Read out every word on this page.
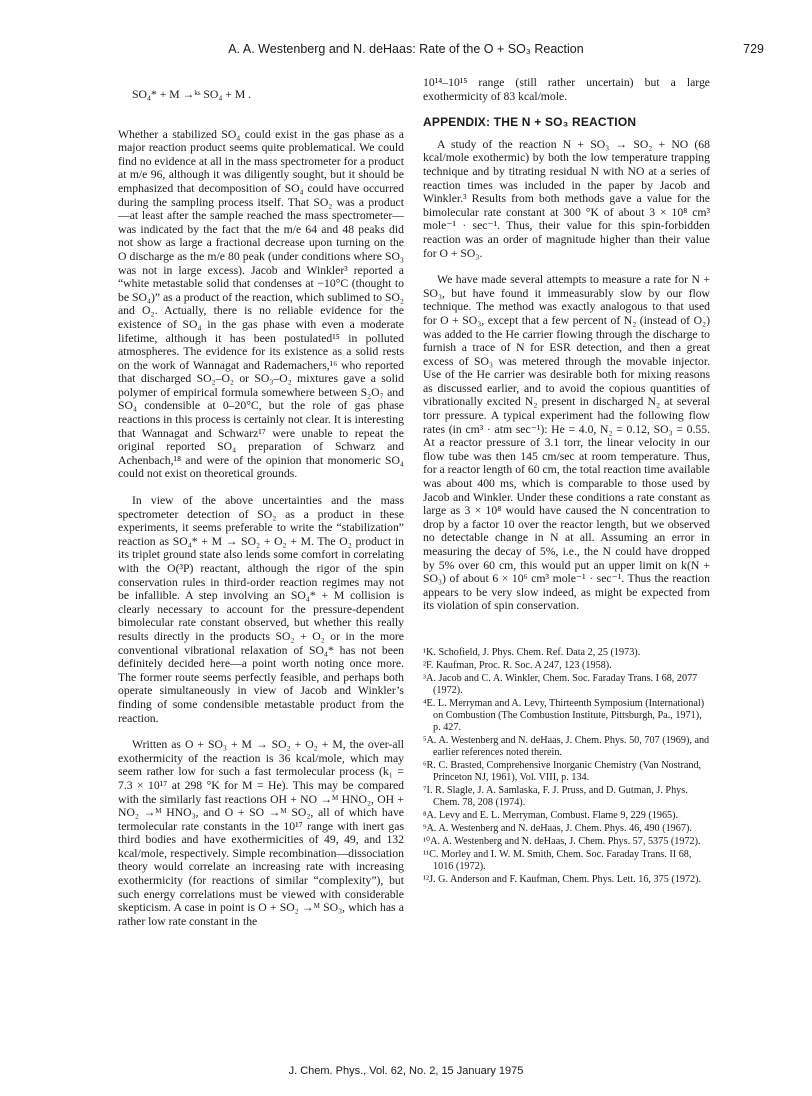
A. A. Westenberg and N. deHaas: Rate of the O + SO₃ Reaction	729
SO₄* + M →ᵏˢ SO₄ + M .

Whether a stabilized SO₄ could exist in the gas phase as a major reaction product seems quite problematical. We could find no evidence at all in the mass spectrometer for a product at m/e 96, although it was diligently sought, but it should be emphasized that decomposition of SO₄ could have occurred during the sampling process itself. That SO₂ was a product—at least after the sample reached the mass spectrometer—was indicated by the fact that the m/e 64 and 48 peaks did not show as large a fractional decrease upon turning on the O discharge as the m/e 80 peak (under conditions where SO₃ was not in large excess). Jacob and Winkler³ reported a “white metastable solid that condenses at −10°C (thought to be SO₄)” as a product of the reaction, which sublimed to SO₂ and O₂. Actually, there is no reliable evidence for the existence of SO₄ in the gas phase with even a moderate lifetime, although it has been postulated¹⁵ in polluted atmospheres. The evidence for its existence as a solid rests on the work of Wannagat and Rademachers,¹⁶ who reported that discharged SO₂–O₂ or SO₃–O₂ mixtures gave a solid polymer of empirical formula somewhere between S₂O₇ and SO₄ condensible at 0–20°C, but the role of gas phase reactions in this process is certainly not clear. It is interesting that Wannagat and Schwarz¹⁷ were unable to repeat the original reported SO₄ preparation of Schwarz and Achenbach,¹⁸ and were of the opinion that monomeric SO₄ could not exist on theoretical grounds.

In view of the above uncertainties and the mass spectrometer detection of SO₂ as a product in these experiments, it seems preferable to write the “stabilization” reaction as SO₄* + M → SO₂ + O₂ + M. The O₂ product in its triplet ground state also lends some comfort in correlating with the O(³P) reactant, although the rigor of the spin conservation rules in third-order reaction regimes may not be infallible. A step involving an SO₄* + M collision is clearly necessary to account for the pressure-dependent bimolecular rate constant observed, but whether this really results directly in the products SO₂ + O₂ or in the more conventional vibrational relaxation of SO₄* has not been definitely decided here—a point worth noting once more. The former route seems perfectly feasible, and perhaps both operate simultaneously in view of Jacob and Winkler’s finding of some condensible metastable product from the reaction.

Written as O + SO₃ + M → SO₂ + O₂ + M, the over-all exothermicity of the reaction is 36 kcal/mole, which may seem rather low for such a fast termolecular process (k₁ = 7.3 × 10¹⁷ at 298 °K for M = He). This may be compared with the similarly fast reactions OH + NO →ᴹ HNO₂, OH + NO₂ →ᴹ HNO₃, and O + SO →ᴹ SO₂, all of which have termolecular rate constants in the 10¹⁷ range with inert gas third bodies and have exothermicities of 49, 49, and 132 kcal/mole, respectively. Simple recombination—dissociation theory would correlate an increasing rate with increasing exothermicity (for reactions of similar “complexity”), but such energy correlations must be viewed with considerable skepticism. A case in point is O + SO₂ →ᴹ SO₃, which has a rather low rate constant in the

10¹⁴–10¹⁵ range (still rather uncertain) but a large exothermicity of 83 kcal/mole.

APPENDIX: THE N + SO₃ REACTION

A study of the reaction N + SO₃ → SO₂ + NO (68 kcal/mole exothermic) by both the low temperature trapping technique and by titrating residual N with NO at a series of reaction times was included in the paper by Jacob and Winkler.³ Results from both methods gave a value for the bimolecular rate constant at 300 °K of about 3 × 10⁸ cm³ mole⁻¹ · sec⁻¹. Thus, their value for this spin-forbidden reaction was an order of magnitude higher than their value for O + SO₃.

We have made several attempts to measure a rate for N + SO₃, but have found it immeasurably slow by our flow technique. The method was exactly analogous to that used for O + SO₃, except that a few percent of N₂ (instead of O₂) was added to the He carrier flowing through the discharge to furnish a trace of N for ESR detection, and then a great excess of SO₃ was metered through the movable injector. Use of the He carrier was desirable both for mixing reasons as discussed earlier, and to avoid the copious quantities of vibrationally excited N₂ present in discharged N₂ at several torr pressure. A typical experiment had the following flow rates (in cm³ · atm sec⁻¹): He = 4.0, N₂ = 0.12, SO₃ = 0.55. At a reactor pressure of 3.1 torr, the linear velocity in our flow tube was then 145 cm/sec at room temperature. Thus, for a reactor length of 60 cm, the total reaction time available was about 400 ms, which is comparable to those used by Jacob and Winkler. Under these conditions a rate constant as large as 3 × 10⁸ would have caused the N concentration to drop by a factor 10 over the reactor length, but we observed no detectable change in N at all. Assuming an error in measuring the decay of 5%, i.e., the N could have dropped by 5% over 60 cm, this would put an upper limit on k(N + SO₃) of about 6 × 10⁶ cm³ mole⁻¹ · sec⁻¹. Thus the reaction appears to be very slow indeed, as might be expected from its violation of spin conservation.

¹K. Schofield, J. Phys. Chem. Ref. Data 2, 25 (1973).
²F. Kaufman, Proc. R. Soc. A 247, 123 (1958).
³A. Jacob and C. A. Winkler, Chem. Soc. Faraday Trans. I 68, 2077 (1972).
⁴E. L. Merryman and A. Levy, Thirteenth Symposium (International) on Combustion (The Combustion Institute, Pittsburgh, Pa., 1971), p. 427.
⁵A. A. Westenberg and N. deHaas, J. Chem. Phys. 50, 707 (1969), and earlier references noted therein.
⁶R. C. Brasted, Comprehensive Inorganic Chemistry (Van Nostrand, Princeton NJ, 1961), Vol. VIII, p. 134.
⁷I. R. Slagle, J. A. Samlaska, F. J. Pruss, and D. Gutman, J. Phys. Chem. 78, 208 (1974).
⁸A. Levy and E. L. Merryman, Combust. Flame 9, 229 (1965).
⁹A. A. Westenberg and N. deHaas, J. Chem. Phys. 46, 490 (1967).
¹⁰A. A. Westenberg and N. deHaas, J. Chem. Phys. 57, 5375 (1972).
¹¹C. Morley and I. W. M. Smith, Chem. Soc. Faraday Trans. II 68, 1016 (1972).
¹²J. G. Anderson and F. Kaufman, Chem. Phys. Lett. 16, 375 (1972).
J. Chem. Phys., Vol. 62, No. 2, 15 January 1975
